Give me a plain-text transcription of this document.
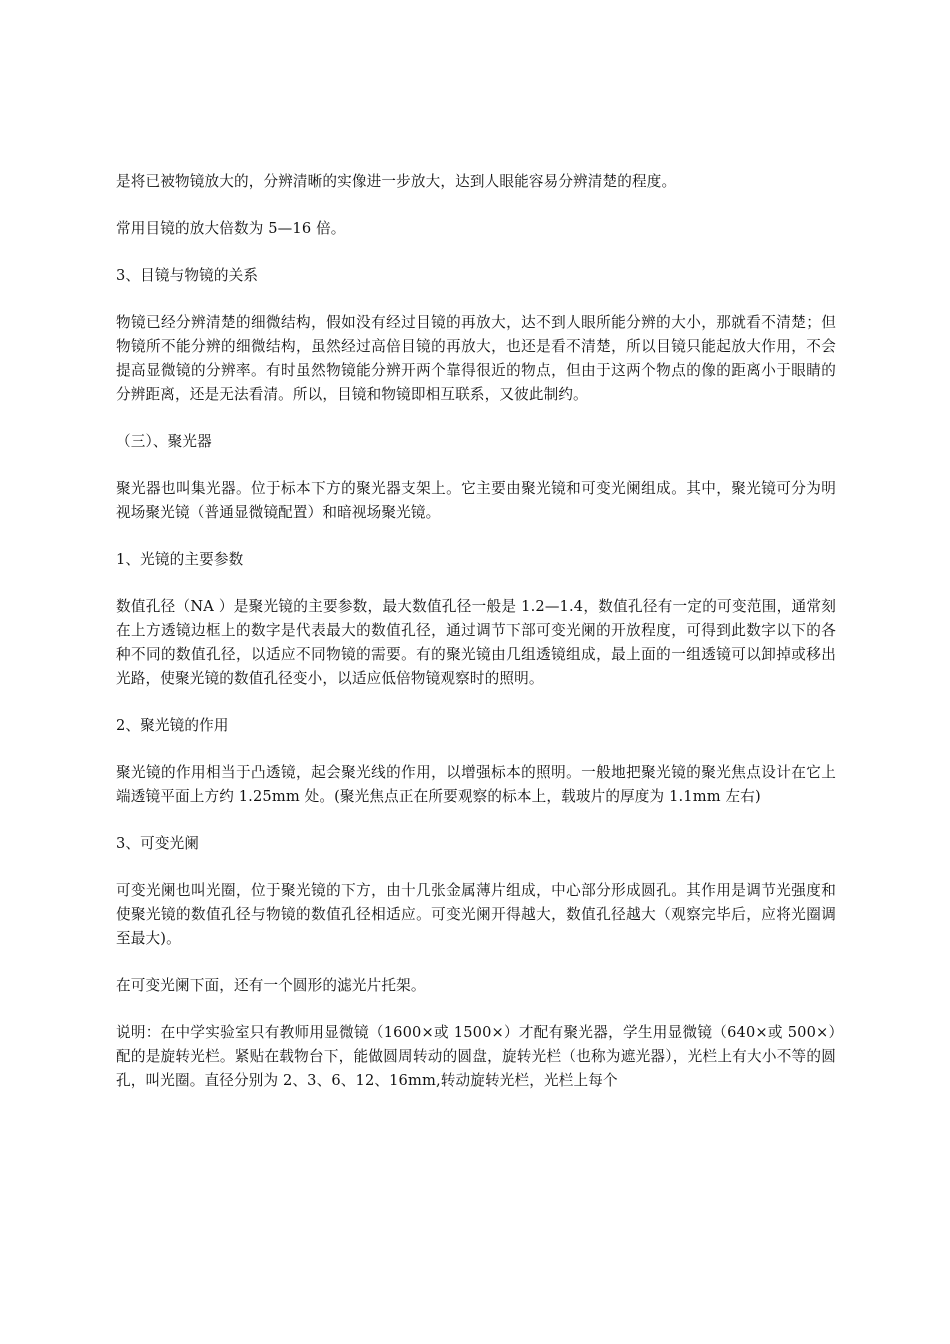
是将已被物镜放大的，分辨清晰的实像进一步放大，达到人眼能容易分辨清楚的程度。

常用目镜的放大倍数为 5—16 倍。

3、目镜与物镜的关系

物镜已经分辨清楚的细微结构，假如没有经过目镜的再放大，达不到人眼所能分辨的大小，那就看不清楚；但物镜所不能分辨的细微结构，虽然经过高倍目镜的再放大，也还是看不清楚，所以目镜只能起放大作用，不会提高显微镜的分辨率。有时虽然物镜能分辨开两个靠得很近的物点，但由于这两个物点的像的距离小于眼睛的分辨距离，还是无法看清。所以，目镜和物镜即相互联系，又彼此制约。

（三）、聚光器

聚光器也叫集光器。位于标本下方的聚光器支架上。它主要由聚光镜和可变光阑组成。其中，聚光镜可分为明视场聚光镜（普通显微镜配置）和暗视场聚光镜。

1、光镜的主要参数

数值孔径（NA ）是聚光镜的主要参数，最大数值孔径一般是 1.2—1.4，数值孔径有一定的可变范围，通常刻在上方透镜边框上的数字是代表最大的数值孔径，通过调节下部可变光阑的开放程度，可得到此数字以下的各种不同的数值孔径，以适应不同物镜的需要。有的聚光镜由几组透镜组成，最上面的一组透镜可以卸掉或移出光路，使聚光镜的数值孔径变小，以适应低倍物镜观察时的照明。

2、聚光镜的作用

聚光镜的作用相当于凸透镜，起会聚光线的作用，以增强标本的照明。一般地把聚光镜的聚光焦点设计在它上端透镜平面上方约 1.25mm 处。(聚光焦点正在所要观察的标本上，载玻片的厚度为 1.1mm 左右)

3、可变光阑

可变光阑也叫光圈，位于聚光镜的下方，由十几张金属薄片组成，中心部分形成圆孔。其作用是调节光强度和使聚光镜的数值孔径与物镜的数值孔径相适应。可变光阑开得越大，数值孔径越大（观察完毕后，应将光圈调至最大)。

在可变光阑下面，还有一个圆形的滤光片托架。

说明：在中学实验室只有教师用显微镜（1600×或 1500×）才配有聚光器，学生用显微镜（640×或 500×）配的是旋转光栏。紧贴在载物台下，能做圆周转动的圆盘，旋转光栏（也称为遮光器），光栏上有大小不等的圆孔，叫光圈。直径分别为 2、3、6、12、16mm,转动旋转光栏，光栏上每个
